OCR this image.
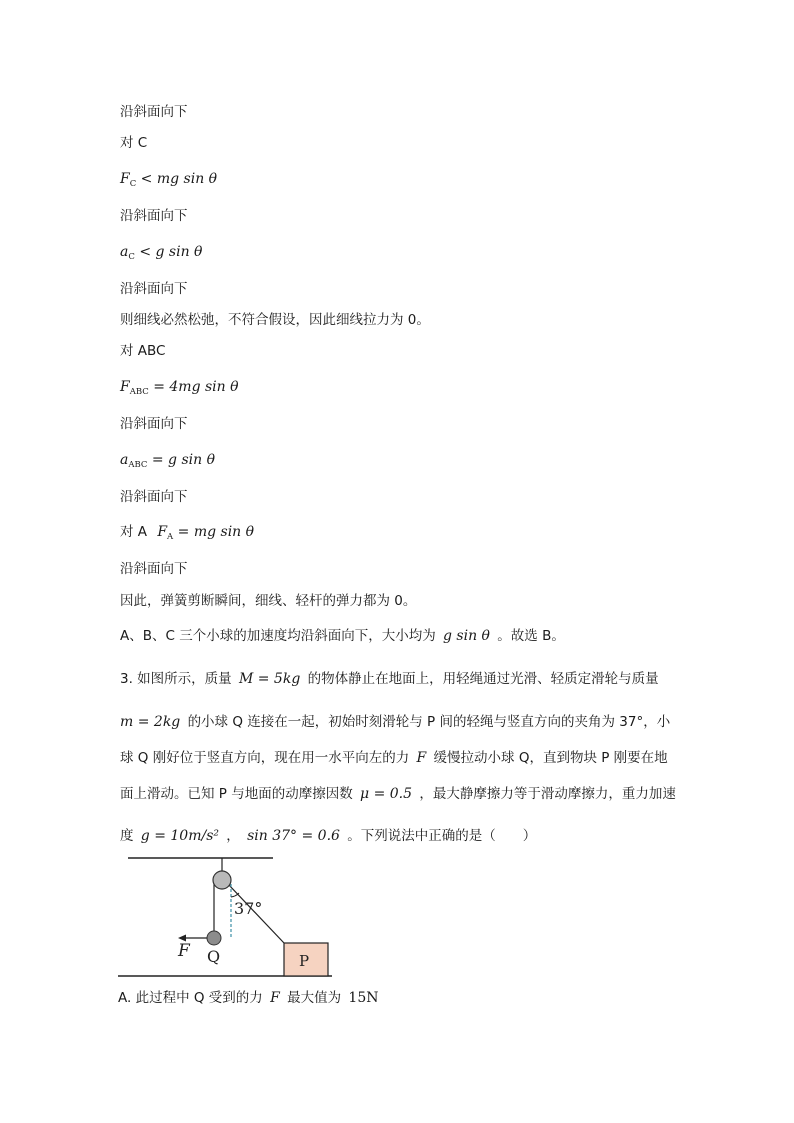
沿斜面向下
对 C
$F_C$ < mg sin θ
沿斜面向下
$a_C < g$ sin θ
沿斜面向下
则细线必然松弛，不符合假设，因此细线拉力为 0。
对 ABC
$F_{ABC} = 4mg$ sin θ
沿斜面向下
$a_{ABC} = g$ sin θ
沿斜面向下
对 A $F_A$ = mg sin θ
沿斜面向下
因此，弹簧剪断瞬间，细线、轻杆的弹力都为 0。
A、B、C 三个小球的加速度均沿斜面向下，大小均为 g sin θ 。故选 B。
3. 如图所示，质量 M = 5kg 的物体静止在地面上，用轻绳通过光滑、轻质定滑轮与质量
m = 2kg 的小球 Q 连接在一起，初始时刻滑轮与 P 间的轻绳与竖直方向的夹角为 37°，小
球 Q 刚好位于竖直方向，现在用一水平向左的力 F 缓慢拉动小球 Q，直到物块 P 刚要在地
面上滑动。已知 P 与地面的动摩擦因数 μ = 0.5 ，最大静摩擦力等于滑动摩擦力，重力加速
度 g = 10m/s² ， sin 37° = 0.6 。下列说法中正确的是（　　）
37°
F Q	P
A. 此过程中 Q 受到的力 F 最大值为 15N
